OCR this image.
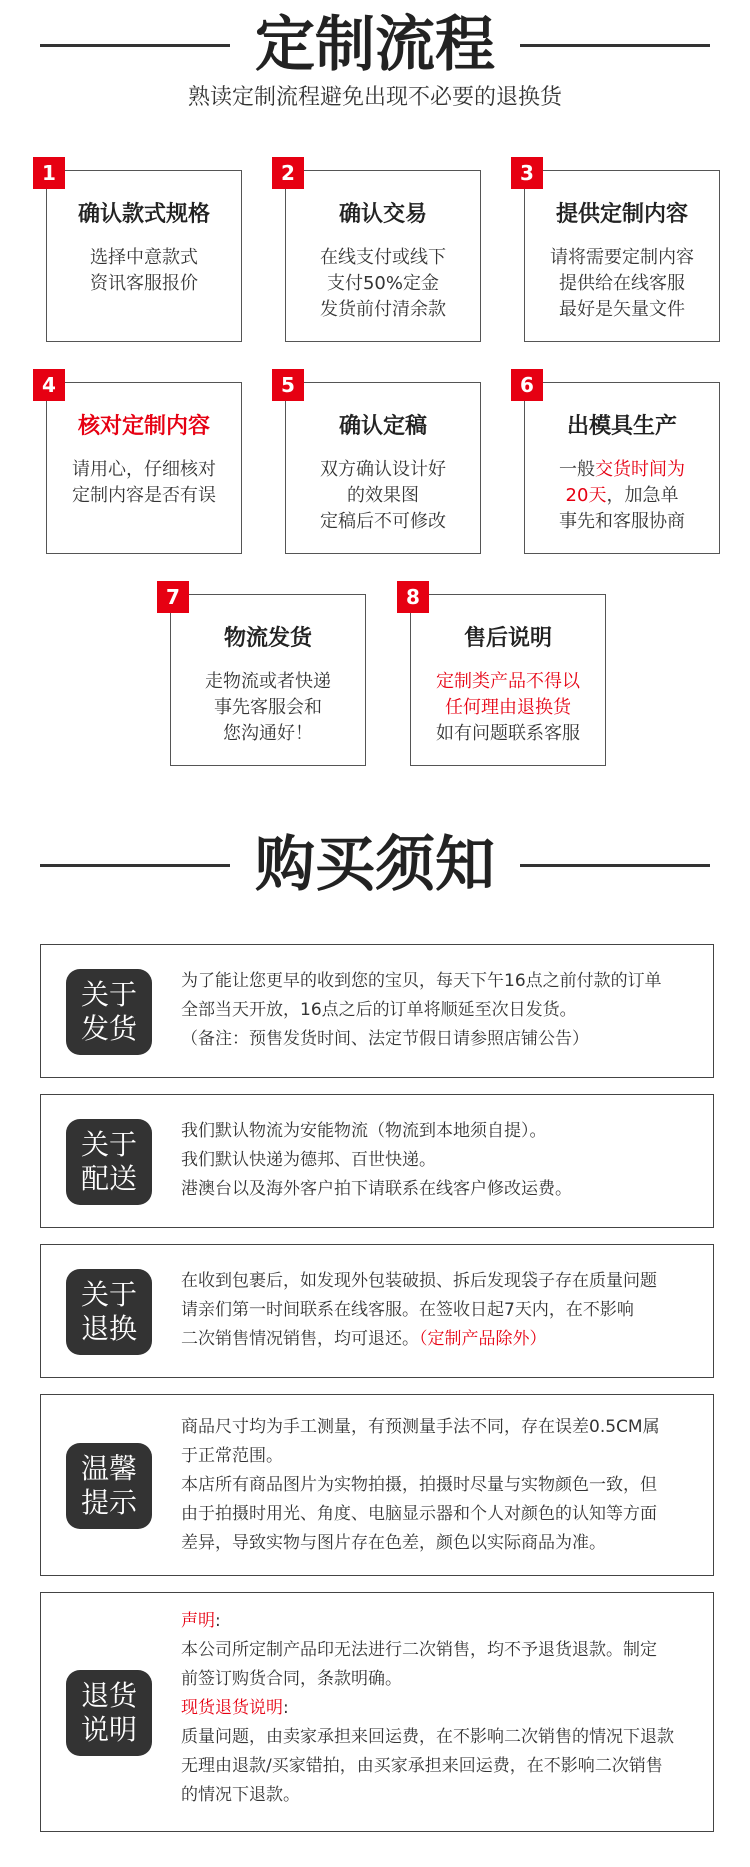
定制流程
熟读定制流程避免出现不必要的退换货
1
确认款式规格
选择中意款式
资讯客服报价
2
确认交易
在线支付或线下
支付50%定金
发货前付清余款
3
提供定制内容
请将需要定制内容
提供给在线客服
最好是矢量文件
4
核对定制内容
请用心，仔细核对
定制内容是否有误
5
确认定稿
双方确认设计好
的效果图
定稿后不可修改
6
出模具生产
一般交货时间为
20天，加急单
事先和客服协商
7
物流发货
走物流或者快递
事先客服会和
您沟通好！
8
售后说明
定制类产品不得以
任何理由退换货
如有问题联系客服
购买须知
关于
发货

为了能让您更早的收到您的宝贝，每天下午16点之前付款的订单

全部当天开放，16点之后的订单将顺延至次日发货。

（备注：预售发货时间、法定节假日请参照店铺公告）

关于
配送

我们默认物流为安能物流（物流到本地须自提）。

我们默认快递为德邦、百世快递。

港澳台以及海外客户拍下请联系在线客户修改运费。

关于
退换

在收到包裹后，如发现外包装破损、拆后发现袋子存在质量问题

请亲们第一时间联系在线客服。在签收日起7天内，在不影响

二次销售情况销售，均可退还。（定制产品除外）

温馨
提示

商品尺寸均为手工测量，有预测量手法不同，存在误差0.5CM属

于正常范围。

本店所有商品图片为实物拍摄，拍摄时尽量与实物颜色一致，但

由于拍摄时用光、角度、电脑显示器和个人对颜色的认知等方面

差异，导致实物与图片存在色差，颜色以实际商品为准。

退货
说明

声明:

本公司所定制产品印无法进行二次销售，均不予退货退款。制定

前签订购货合同，条款明确。

现货退货说明:

质量问题，由卖家承担来回运费，在不影响二次销售的情况下退款

无理由退款/买家错拍，由买家承担来回运费，在不影响二次销售

的情况下退款。
